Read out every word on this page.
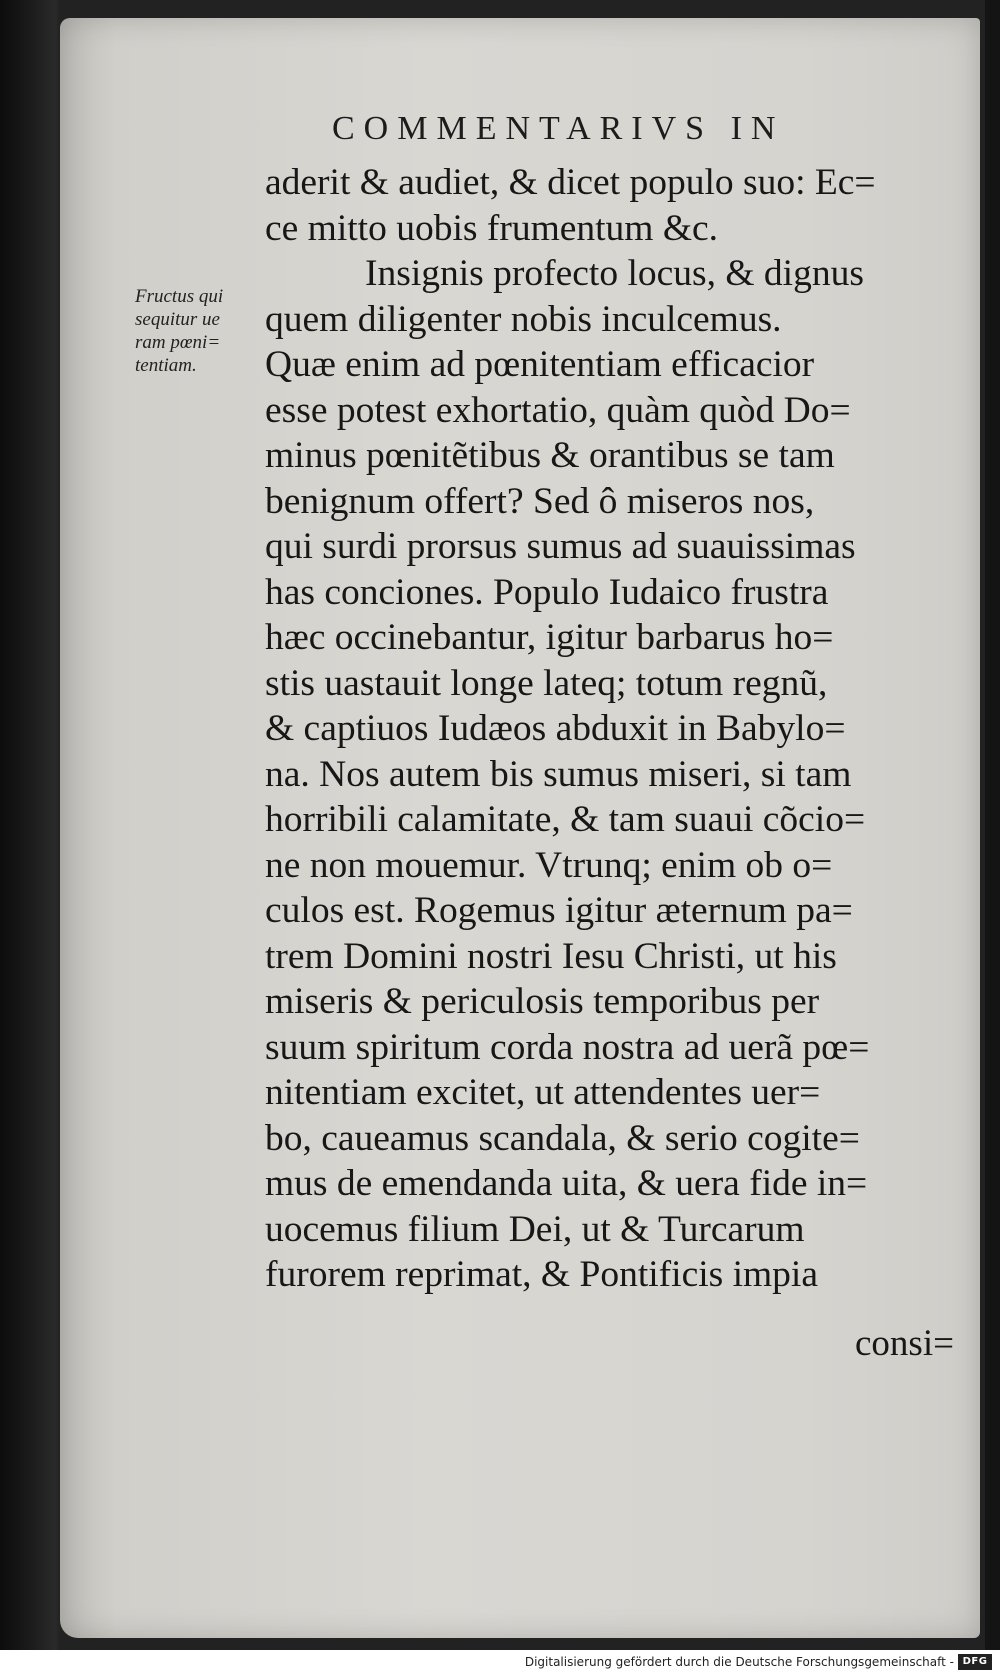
COMMENTARIVS IN
Fructus qui
sequitur ue
ram pœni=
tentiam.
aderit & audiet, & dicet populo suo: Ec=
ce mitto uobis frumentum &c.
Insignis profecto locus, & dignus
quem diligenter nobis inculcemus.
Quæ enim ad pœnitentiam efficacior
esse potest exhortatio, quàm quòd Do=
minus pœnitẽtibus & orantibus se tam
benignum offert? Sed ô miseros nos,
qui surdi prorsus sumus ad suauissimas
has conciones. Populo Iudaico frustra
hæc occinebantur, igitur barbarus ho=
stis uastauit longe lateq; totum regnũ,
& captiuos Iudæos abduxit in Babylo=
na. Nos autem bis sumus miseri, si tam
horribili calamitate, & tam suaui cõcio=
ne non mouemur. Vtrunq; enim ob o=
culos est. Rogemus igitur æternum pa=
trem Domini nostri Iesu Christi, ut his
miseris & periculosis temporibus per
suum spiritum corda nostra ad uerã pœ=
nitentiam excitet, ut attendentes uer=
bo, caueamus scandala, & serio cogite=
mus de emendanda uita, & uera fide in=
uocemus filium Dei, ut & Turcarum
furorem reprimat, & Pontificis impia
consi=
Digitalisierung gefördert durch die Deutsche Forschungsgemeinschaft - DFG
